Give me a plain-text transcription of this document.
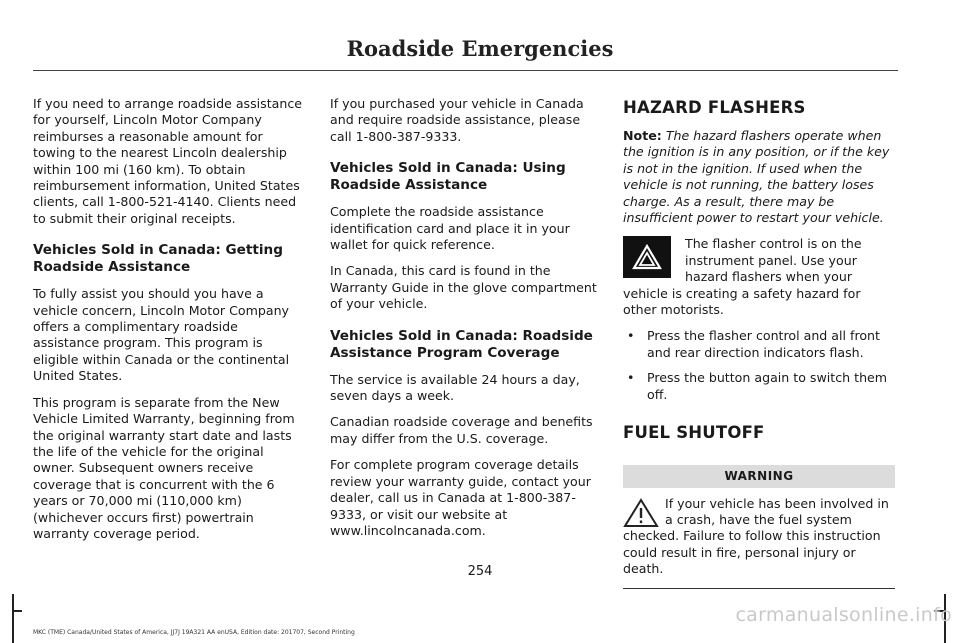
Roadside Emergencies

If you need to arrange roadside assistance for yourself, Lincoln Motor Company reimburses a reasonable amount for towing to the nearest Lincoln dealership within 100 mi (160 km). To obtain reimbursement information, United States clients, call 1-800-521-4140. Clients need to submit their original receipts.

Vehicles Sold in Canada: Getting Roadside Assistance

To fully assist you should you have a vehicle concern, Lincoln Motor Company offers a complimentary roadside assistance program. This program is eligible within Canada or the continental United States.

This program is separate from the New Vehicle Limited Warranty, beginning from the original warranty start date and lasts the life of the vehicle for the original owner. Subsequent owners receive coverage that is concurrent with the 6 years or 70,000 mi (110,000 km) (whichever occurs first) powertrain warranty coverage period.

If you purchased your vehicle in Canada and require roadside assistance, please call 1-800-387-9333.

Vehicles Sold in Canada: Using Roadside Assistance

Complete the roadside assistance identification card and place it in your wallet for quick reference.

In Canada, this card is found in the Warranty Guide in the glove compartment of your vehicle.

Vehicles Sold in Canada: Roadside Assistance Program Coverage

The service is available 24 hours a day, seven days a week.

Canadian roadside coverage and benefits may differ from the U.S. coverage.

For complete program coverage details review your warranty guide, contact your dealer, call us in Canada at 1-800-387-9333, or visit our website at www.lincolncanada.com.

HAZARD FLASHERS

Note: The hazard flashers operate when the ignition is in any position, or if the key is not in the ignition. If used when the vehicle is not running, the battery loses charge. As a result, there may be insufficient power to restart your vehicle.

The flasher control is on the instrument panel. Use your hazard flashers when your vehicle is creating a safety hazard for other motorists.
• Press the flasher control and all front and rear direction indicators flash.
• Press the button again to switch them off.
FUEL SHUTOFF
WARNING
If your vehicle has been involved in a crash, have the fuel system checked. Failure to follow this instruction could result in fire, personal injury or death.
254
MKC (TME) Canada/United States of America, JJ7J 19A321 AA enUSA, Edition date: 201707, Second Printing
carmanualsonline.info
